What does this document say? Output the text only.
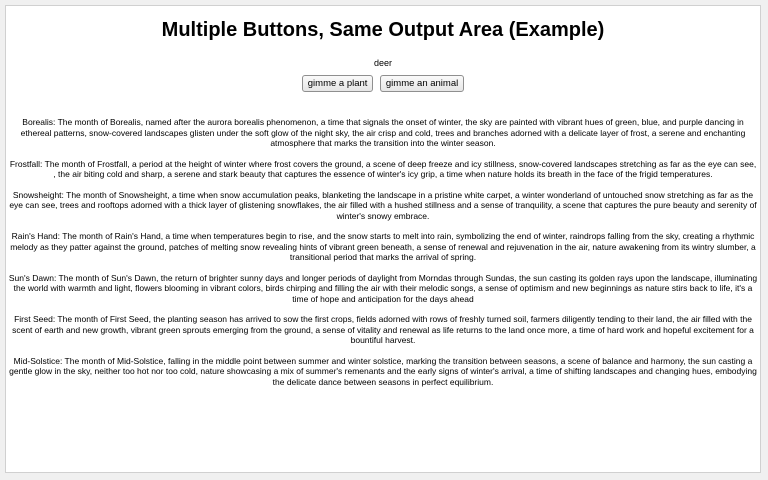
Multiple Buttons, Same Output Area (Example)
deer
gimme a plant gimme an animal

Borealis: The month of Borealis, named after the aurora borealis phenomenon, a time that signals the onset of winter, the sky are painted with vibrant hues of green, blue, and purple dancing in ethereal patterns, snow-covered landscapes glisten under the soft glow of the night sky, the air crisp and cold, trees and branches adorned with a delicate layer of frost, a serene and enchanting atmosphere that marks the transition into the winter season.

Frostfall: The month of Frostfall, a period at the height of winter where frost covers the ground, a scene of deep freeze and icy stillness, snow-covered landscapes stretching as far as the eye can see, , the air biting cold and sharp, a serene and stark beauty that captures the essence of winter's icy grip, a time when nature holds its breath in the face of the frigid temperatures.

Snowsheight: The month of Snowsheight, a time when snow accumulation peaks, blanketing the landscape in a pristine white carpet, a winter wonderland of untouched snow stretching as far as the eye can see, trees and rooftops adorned with a thick layer of glistening snowflakes, the air filled with a hushed stillness and a sense of tranquility, a scene that captures the pure beauty and serenity of winter's snowy embrace.

Rain's Hand: The month of Rain's Hand, a time when temperatures begin to rise, and the snow starts to melt into rain, symbolizing the end of winter, raindrops falling from the sky, creating a rhythmic melody as they patter against the ground, patches of melting snow revealing hints of vibrant green beneath, a sense of renewal and rejuvenation in the air, nature awakening from its wintry slumber, a transitional period that marks the arrival of spring.

Sun's Dawn: The month of Sun's Dawn, the return of brighter sunny days and longer periods of daylight from Morndas through Sundas, the sun casting its golden rays upon the landscape, illuminating the world with warmth and light, flowers blooming in vibrant colors, birds chirping and filling the air with their melodic songs, a sense of optimism and new beginnings as nature stirs back to life, it's a time of hope and anticipation for the days ahead

First Seed: The month of First Seed, the planting season has arrived to sow the first crops, fields adorned with rows of freshly turned soil, farmers diligently tending to their land, the air filled with the scent of earth and new growth, vibrant green sprouts emerging from the ground, a sense of vitality and renewal as life returns to the land once more, a time of hard work and hopeful excitement for a bountiful harvest.

Mid-Solstice: The month of Mid-Solstice, falling in the middle point between summer and winter solstice, marking the transition between seasons, a scene of balance and harmony, the sun casting a gentle glow in the sky, neither too hot nor too cold, nature showcasing a mix of summer's remenants and the early signs of winter's arrival, a time of shifting landscapes and changing hues, embodying the delicate dance between seasons in perfect equilibrium.
